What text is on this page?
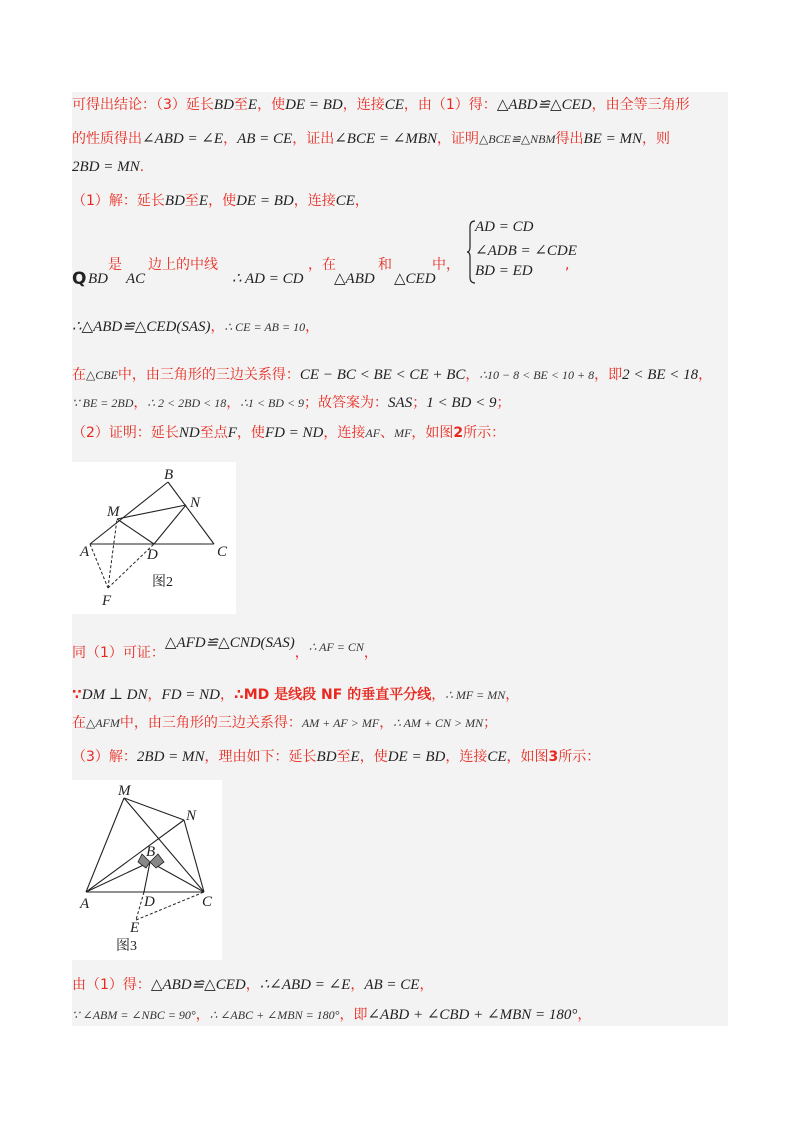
可得出结论：（3）延长BD至E，使DE = BD，连接CE，由（1）得：△ABD≌△CED，由全等三角形
的性质得出∠ABD = ∠E，AB = CE，证出∠BCE = ∠MBN，证明△BCE≌△NBM得出BE = MN，则
2BD = MN.
（1）解：延长BD至E，使DE = BD，连接CE，
Q BD
是
AC
边上的中线
∴ AD = CD
，在
△ABD
和
△CED
中，	,
AD = CD
∠ADB = ∠CDE
BD = ED
∴△ABD≌△CED(SAS)，∴ CE = AB = 10，
在△CBE中，由三角形的三边关系得：CE − BC < BE < CE + BC，∴10 − 8 < BE < 10 + 8，即2 < BE < 18，
∵ BE = 2BD，∴ 2 < 2BD < 18，∴1 < BD < 9；故答案为：SAS；1 < BD < 9；
（2）证明：延长ND至点F，使FD = ND，连接AF、MF，如图2所示：
B
N
M
A	D	C
F
图2
同（1）可证：△AFD≌△CND(SAS)，∴ AF = CN，
∵DM ⊥ DN，FD = ND，∴MD 是线段 NF 的垂直平分线，∴ MF = MN，
在△AFM中，由三角形的三边关系得：AM + AF > MF，∴ AM + CN > MN；
（3）解：2BD = MN，理由如下：延长BD至E，使DE = BD，连接CE，如图3所示：
M
N
B
A	D	C
E
图3
由（1）得：△ABD≌△CED，∴∠ABD = ∠E，AB = CE，
∵ ∠ABM = ∠NBC = 90°，∴ ∠ABC + ∠MBN = 180°，即∠ABD + ∠CBD + ∠MBN = 180°，
